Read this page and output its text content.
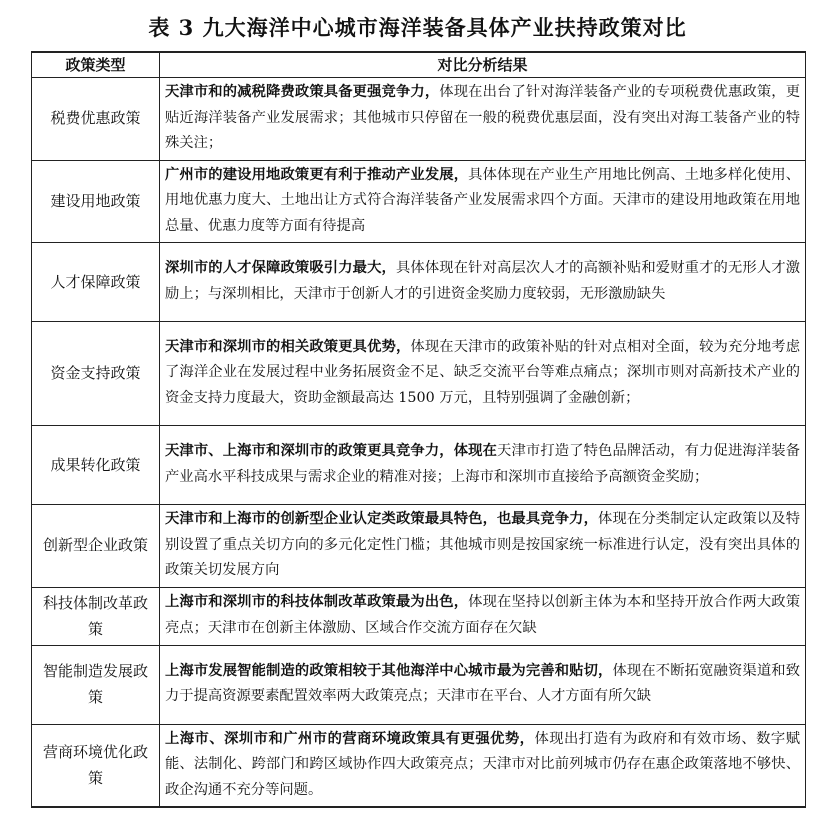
表 3 九大海洋中心城市海洋装备具体产业扶持政策对比
政策类型	对比分析结果
税费优惠政策	天津市和的减税降费政策具备更强竞争力，体现在出台了针对海洋装备产业的专项税费优惠政策，更贴近海洋装备产业发展需求；其他城市只停留在一般的税费优惠层面，没有突出对海工装备产业的特殊关注；
建设用地政策	广州市的建设用地政策更有利于推动产业发展，具体体现在产业生产用地比例高、土地多样化使用、用地优惠力度大、土地出让方式符合海洋装备产业发展需求四个方面。天津市的建设用地政策在用地总量、优惠力度等方面有待提高
人才保障政策	深圳市的人才保障政策吸引力最大，具体体现在针对高层次人才的高额补贴和爱财重才的无形人才激励上；与深圳相比，天津市于创新人才的引进资金奖励力度较弱，无形激励缺失
资金支持政策	天津市和深圳市的相关政策更具优势，体现在天津市的政策补贴的针对点相对全面，较为充分地考虑了海洋企业在发展过程中业务拓展资金不足、缺乏交流平台等难点痛点；深圳市则对高新技术产业的资金支持力度最大，资助金额最高达 1500 万元，且特别强调了金融创新；
成果转化政策	天津市、上海市和深圳市的政策更具竞争力，体现在天津市打造了特色品牌活动，有力促进海洋装备产业高水平科技成果与需求企业的精准对接；上海市和深圳市直接给予高额资金奖励；
创新型企业政策	天津市和上海市的创新型企业认定类政策最具特色，也最具竞争力，体现在分类制定认定政策以及特别设置了重点关切方向的多元化定性门槛；其他城市则是按国家统一标准进行认定，没有突出具体的政策关切发展方向
科技体制改革政策	上海市和深圳市的科技体制改革政策最为出色，体现在坚持以创新主体为本和坚持开放合作两大政策亮点；天津市在创新主体激励、区域合作交流方面存在欠缺
智能制造发展政策	上海市发展智能制造的政策相较于其他海洋中心城市最为完善和贴切，体现在不断拓宽融资渠道和致力于提高资源要素配置效率两大政策亮点；天津市在平台、人才方面有所欠缺
营商环境优化政策	上海市、深圳市和广州市的营商环境政策具有更强优势，体现出打造有为政府和有效市场、数字赋能、法制化、跨部门和跨区域协作四大政策亮点；天津市对比前列城市仍存在惠企政策落地不够快、政企沟通不充分等问题。
